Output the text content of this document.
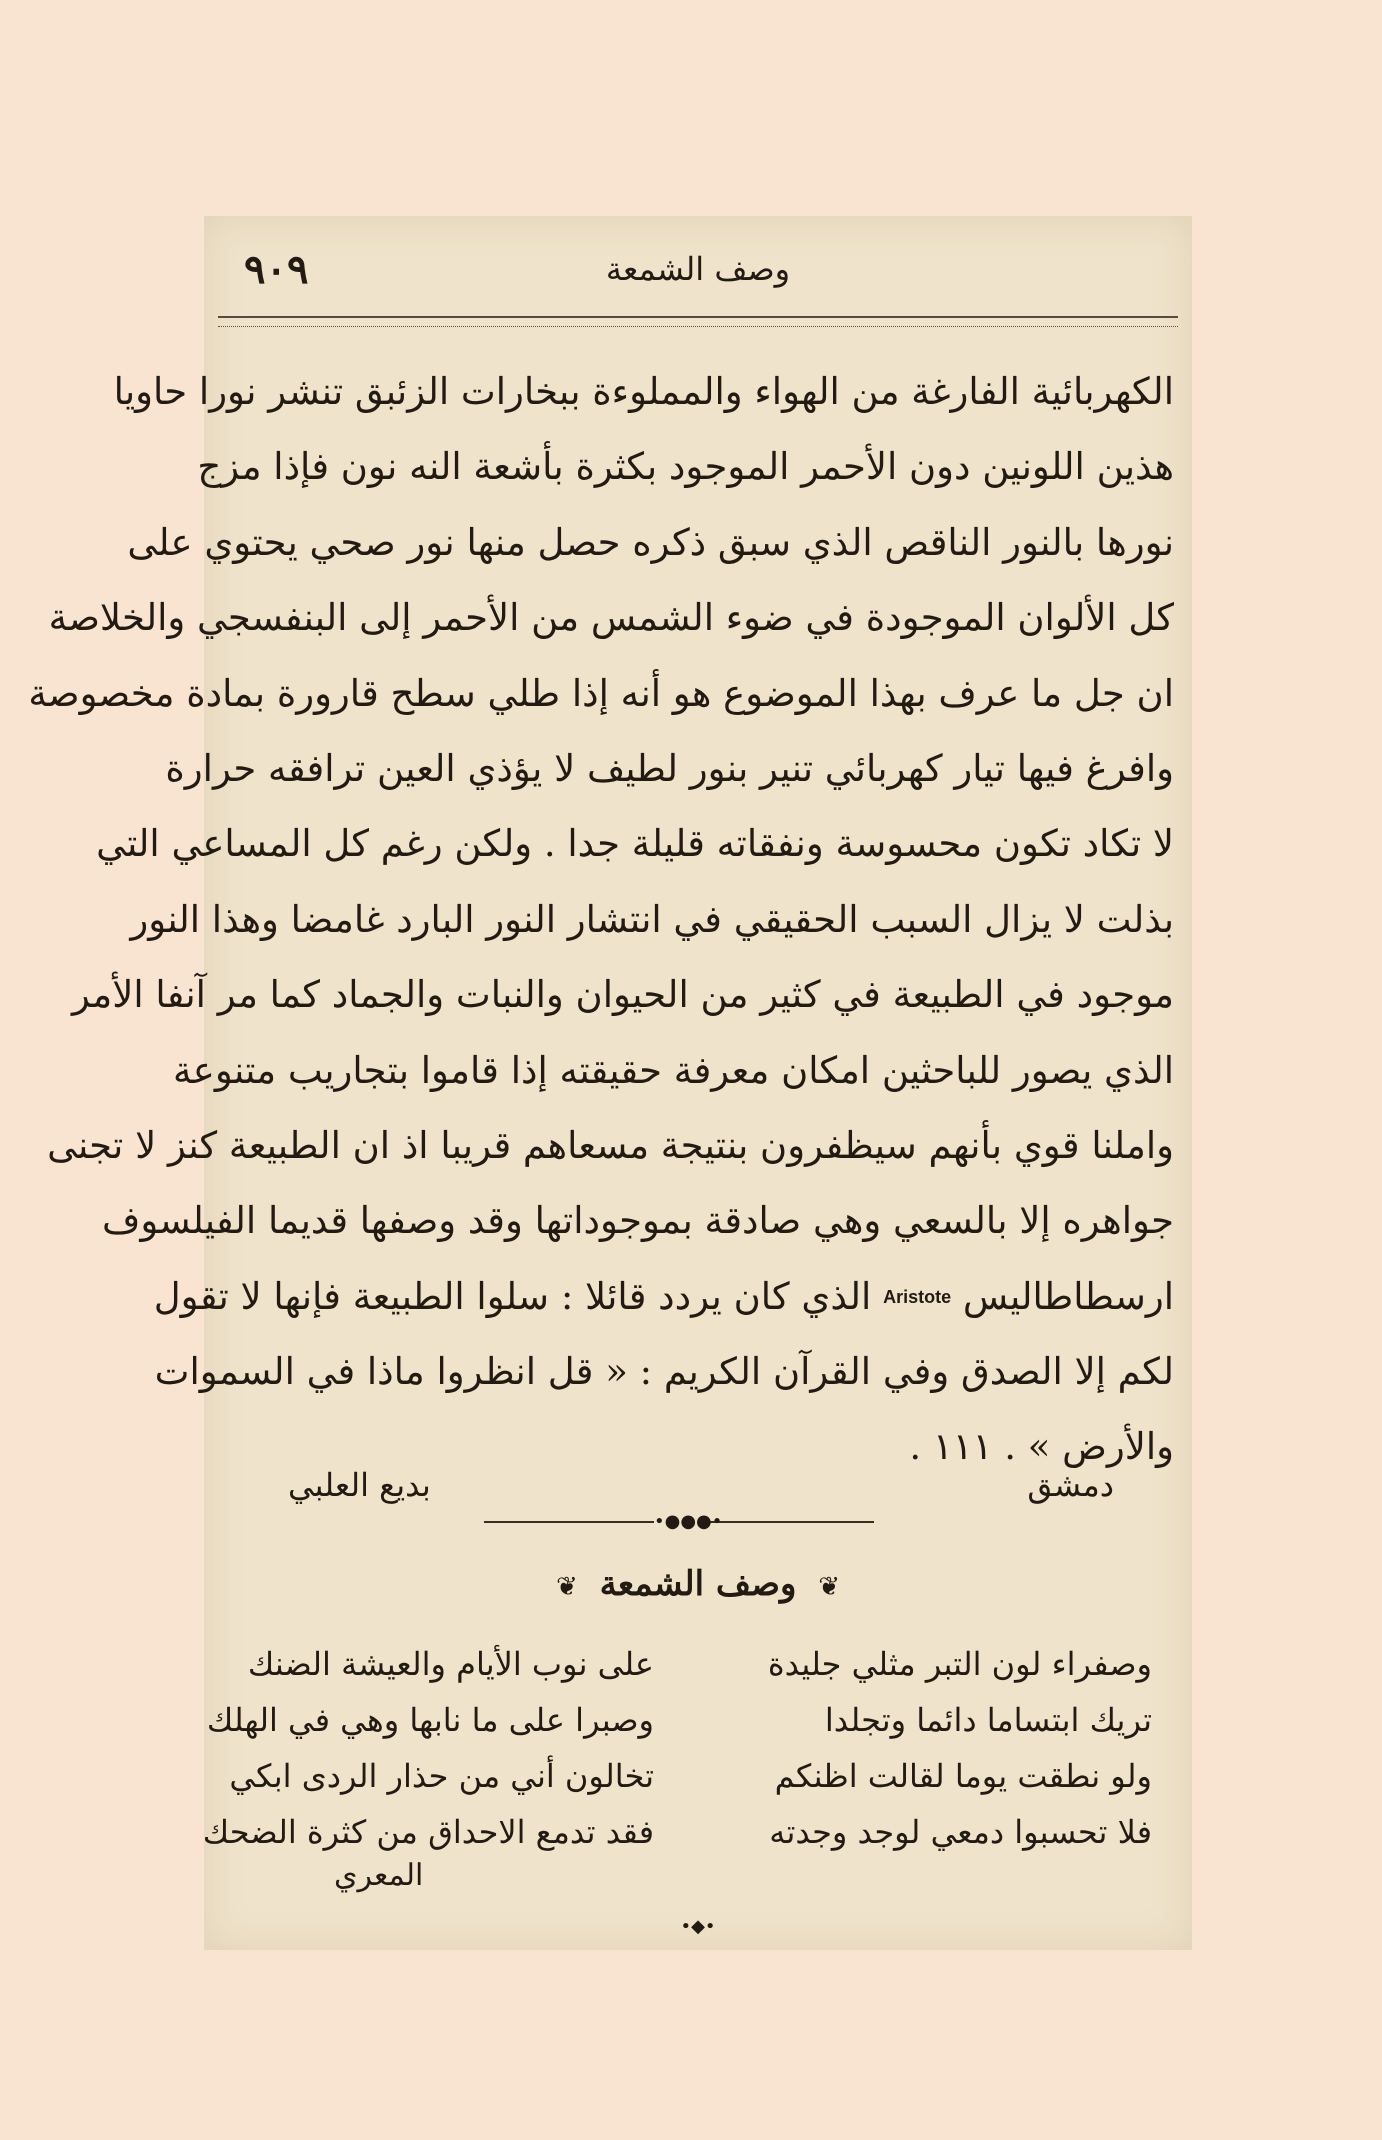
وصف الشمعة
٩٠٩
الكهربائية الفارغة من الهواء والمملوءة ببخارات الزئبق تنشر نورا حاويا
هذين اللونين دون الأحمر الموجود بكثرة بأشعة النه نون فإذا مزج
نورها بالنور الناقص الذي سبق ذكره حصل منها نور صحي يحتوي على
كل الألوان الموجودة في ضوء الشمس من الأحمر إلى البنفسجي والخلاصة
ان جل ما عرف بهذا الموضوع هو أنه إذا طلي سطح قارورة بمادة مخصوصة
وافرغ فيها تيار كهربائي تنير بنور لطيف لا يؤذي العين ترافقه حرارة
لا تكاد تكون محسوسة ونفقاته قليلة جدا . ولكن رغم كل المساعي التي
بذلت لا يزال السبب الحقيقي في انتشار النور البارد غامضا وهذا النور
موجود في الطبيعة في كثير من الحيوان والنبات والجماد كما مر آنفا الأمر
الذي يصور للباحثين امكان معرفة حقيقته إذا قاموا بتجاريب متنوعة
واملنا قوي بأنهم سيظفرون بنتيجة مسعاهم قريبا اذ ان الطبيعة كنز لا تجنى
جواهره إلا بالسعي وهي صادقة بموجوداتها وقد وصفها قديما الفيلسوف
ارسطاطاليس Aristote الذي كان يردد قائلا : سلوا الطبيعة فإنها لا تقول
لكم إلا الصدق وفي القرآن الكريم : « قل انظروا ماذا في السموات
والأرض » . ١١١ .
دمشق
بديع العلبي
•●●●•
❦ وصف الشمعة ❦
وصفراء لون التبر مثلي جليدة
على نوب الأيام والعيشة الضنك
تريك ابتساما دائما وتجلدا
وصبرا على ما نابها وهي في الهلك
ولو نطقت يوما لقالت اظنكم
تخالون أني من حذار الردى ابكي
فلا تحسبوا دمعي لوجد وجدته
فقد تدمع الاحداق من كثرة الضحك
المعري
•◆•
